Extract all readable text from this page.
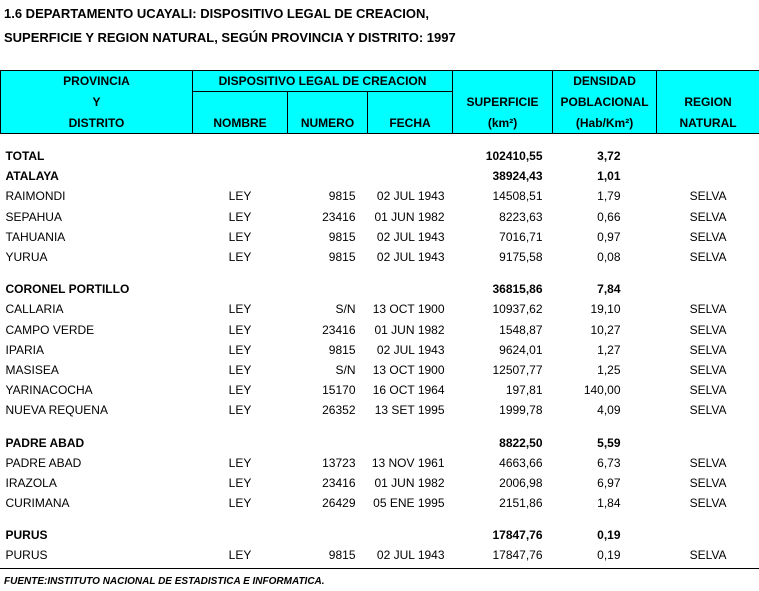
1.6 DEPARTAMENTO UCAYALI: DISPOSITIVO LEGAL DE CREACION,
SUPERFICIE Y REGION NATURAL, SEGÚN PROVINCIA Y DISTRITO: 1997
PROVINCIA	DISPOSITIVO LEGAL DE CREACION				DENSIDAD	
Y				SUPERFICIE	POBLACIONAL	REGION
DISTRITO	NOMBRE	NUMERO	FECHA	(km²)	(Hab/Km²)	NATURAL

TOTAL				102410,55	3,72	
ATALAYA				38924,43	1,01	
RAIMONDI	LEY	9815	02 JUL 1943	14508,51	1,79	SELVA
SEPAHUA	LEY	23416	01 JUN 1982	8223,63	0,66	SELVA
TAHUANIA	LEY	9815	02 JUL 1943	7016,71	0,97	SELVA
YURUA	LEY	9815	02 JUL 1943	9175,58	0,08	SELVA

CORONEL PORTILLO				36815,86	7,84	
CALLARIA	LEY	S/N	13 OCT 1900	10937,62	19,10	SELVA
CAMPO VERDE	LEY	23416	01 JUN 1982	1548,87	10,27	SELVA
IPARIA	LEY	9815	02 JUL 1943	9624,01	1,27	SELVA
MASISEA	LEY	S/N	13 OCT 1900	12507,77	1,25	SELVA
YARINACOCHA	LEY	15170	16 OCT 1964	197,81	140,00	SELVA
NUEVA REQUENA	LEY	26352	13 SET 1995	1999,78	4,09	SELVA

PADRE ABAD				8822,50	5,59	
PADRE ABAD	LEY	13723	13 NOV 1961	4663,66	6,73	SELVA
IRAZOLA	LEY	23416	01 JUN 1982	2006,98	6,97	SELVA
CURIMANA	LEY	26429	05 ENE 1995	2151,86	1,84	SELVA

PURUS				17847,76	0,19	
PURUS	LEY	9815	02 JUL 1943	17847,76	0,19	SELVA
FUENTE:INSTITUTO NACIONAL DE ESTADISTICA E INFORMATICA.
